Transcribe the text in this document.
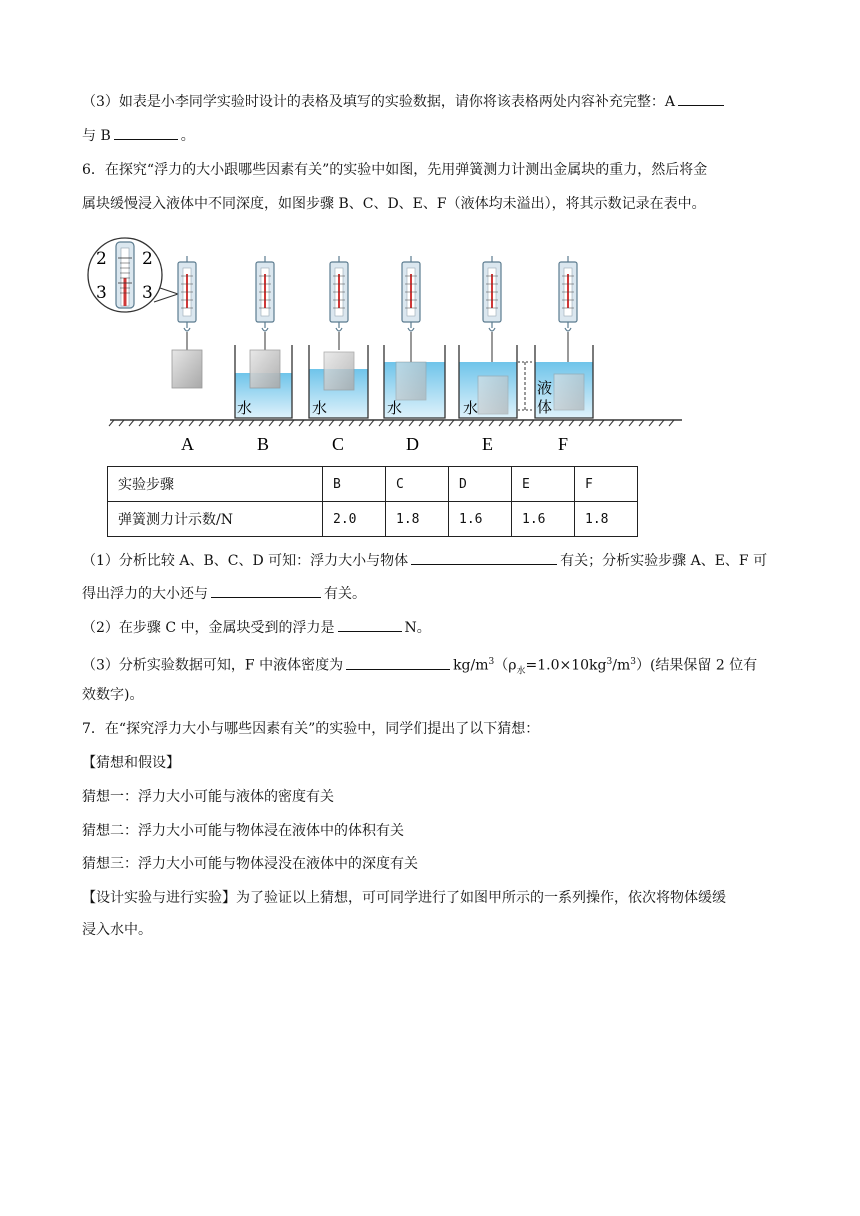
（3）如表是小李同学实验时设计的表格及填写的实验数据，请你将该表格两处内容补充完整：A
与 B	。
6．在探究“浮力的大小跟哪些因素有关”的实验中如图，先用弹簧测力计测出金属块的重力，然后将金
属块缓慢浸入液体中不同深度，如图步骤 B、C、D、E、F（液体均未溢出），将其示数记录在表中。
2 2
3 3
水	水	水	水
液
体
A	B	C	D	E	F
实验步骤	B	C	D	E	F
弹簧测力计示数/N	2.0	1.8	1.6	1.6	1.8
（1）分析比较 A、B、C、D 可知：浮力大小与物体	有关；分析实验步骤 A、E、F 可
得出浮力的大小还与	有关。
（2）在步骤 C 中，金属块受到的浮力是	N。
（3）分析实验数据可知，F 中液体密度为	$kg/m^3(\rho_水=1.0\times 10kg^3/m^3)$(结果保留 2 位有
效数字)。
7．在“探究浮力大小与哪些因素有关”的实验中，同学们提出了以下猜想：
【猜想和假设】
猜想一：浮力大小可能与液体的密度有关
猜想二：浮力大小可能与物体浸在液体中的体积有关
猜想三：浮力大小可能与物体浸没在液体中的深度有关
【设计实验与进行实验】为了验证以上猜想，可可同学进行了如图甲所示的一系列操作，依次将物体缓缓
浸入水中。
